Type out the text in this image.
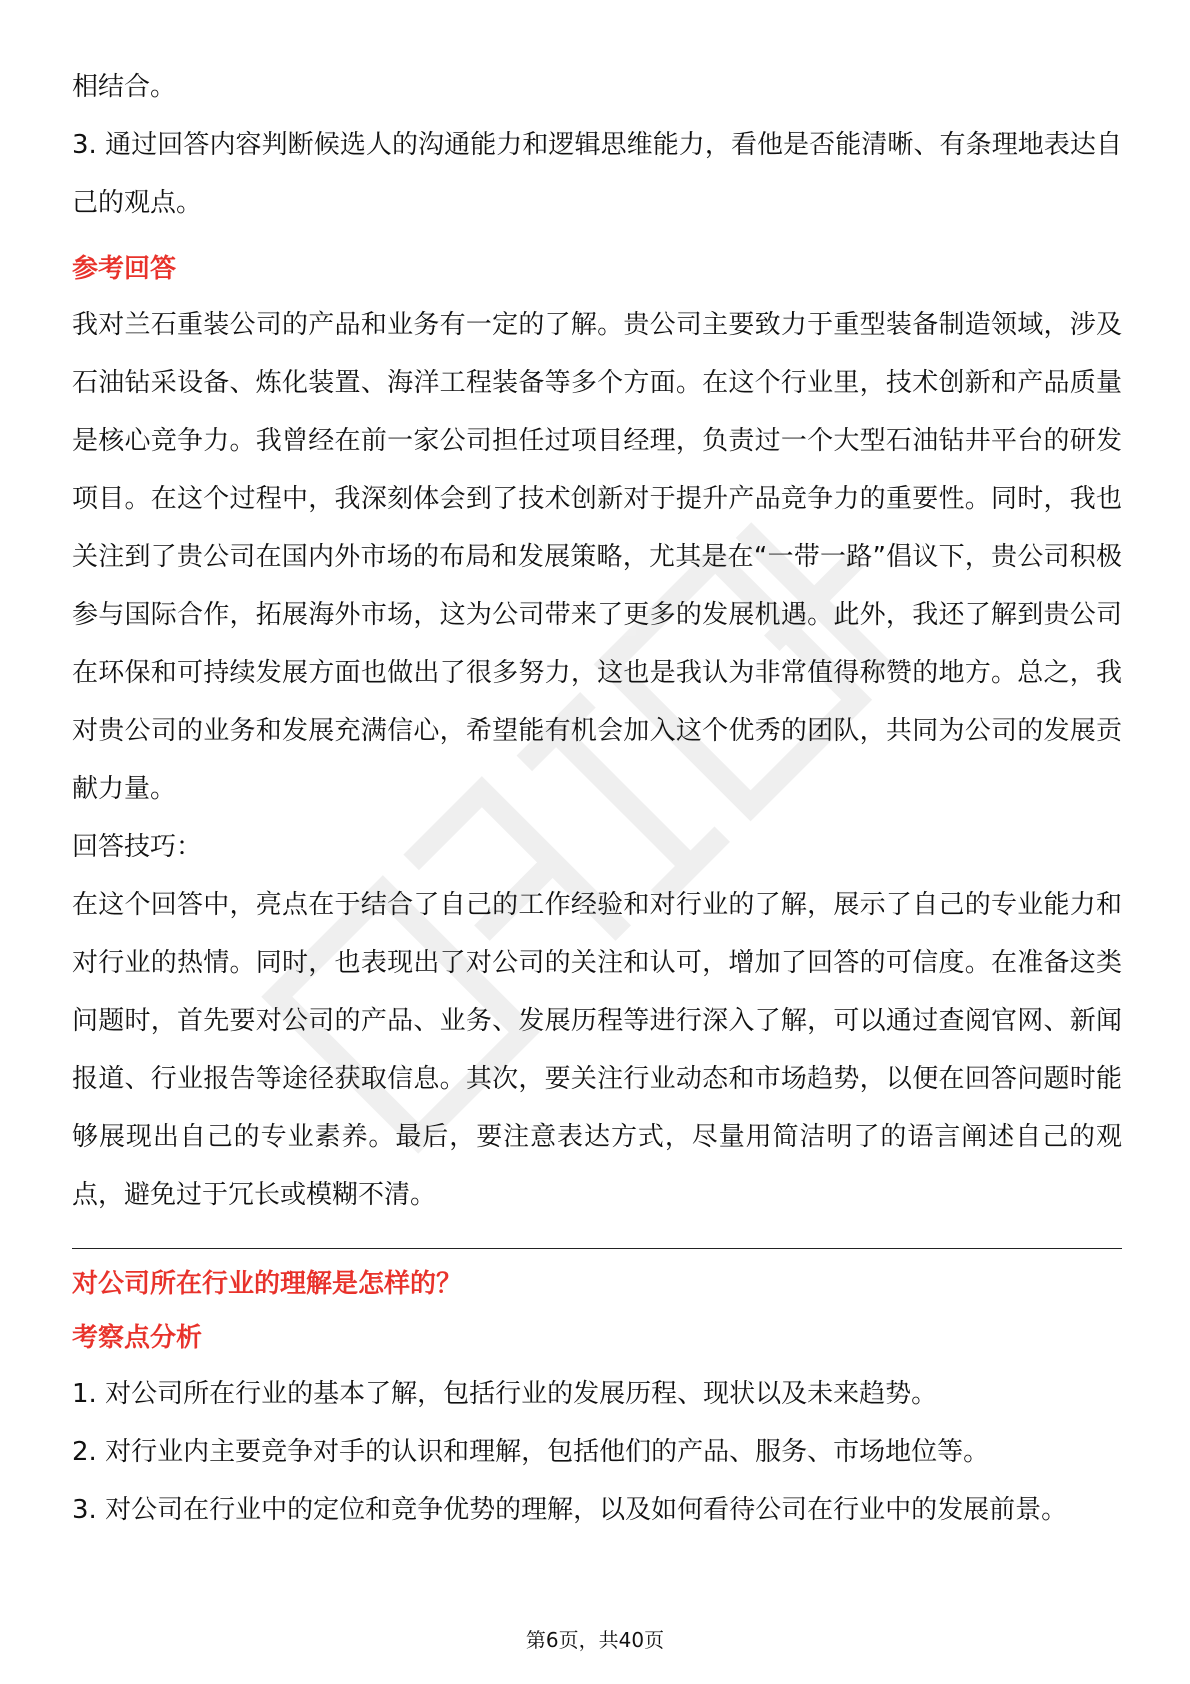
相结合。

3. 通过回答内容判断候选人的沟通能力和逻辑思维能力，看他是否能清晰、有条理地表达自己的观点。

参考回答

我对兰石重装公司的产品和业务有一定的了解。贵公司主要致力于重型装备制造领域，涉及石油钻采设备、炼化装置、海洋工程装备等多个方面。在这个行业里，技术创新和产品质量是核心竞争力。我曾经在前一家公司担任过项目经理，负责过一个大型石油钻井平台的研发项目。在这个过程中，我深刻体会到了技术创新对于提升产品竞争力的重要性。同时，我也关注到了贵公司在国内外市场的布局和发展策略，尤其是在“一带一路”倡议下，贵公司积极参与国际合作，拓展海外市场，这为公司带来了更多的发展机遇。此外，我还了解到贵公司在环保和可持续发展方面也做出了很多努力，这也是我认为非常值得称赞的地方。总之，我对贵公司的业务和发展充满信心，希望能有机会加入这个优秀的团队，共同为公司的发展贡献力量。

回答技巧：

在这个回答中，亮点在于结合了自己的工作经验和对行业的了解，展示了自己的专业能力和对行业的热情。同时，也表现出了对公司的关注和认可，增加了回答的可信度。在准备这类问题时，首先要对公司的产品、业务、发展历程等进行深入了解，可以通过查阅官网、新闻报道、行业报告等途径获取信息。其次，要关注行业动态和市场趋势，以便在回答问题时能够展现出自己的专业素养。最后，要注意表达方式，尽量用简洁明了的语言阐述自己的观点，避免过于冗长或模糊不清。

对公司所在行业的理解是怎样的？
考察点分析

1. 对公司所在行业的基本了解，包括行业的发展历程、现状以及未来趋势。

2. 对行业内主要竞争对手的认识和理解，包括他们的产品、服务、市场地位等。

3. 对公司在行业中的定位和竞争优势的理解，以及如何看待公司在行业中的发展前景。

第6页，共40页
